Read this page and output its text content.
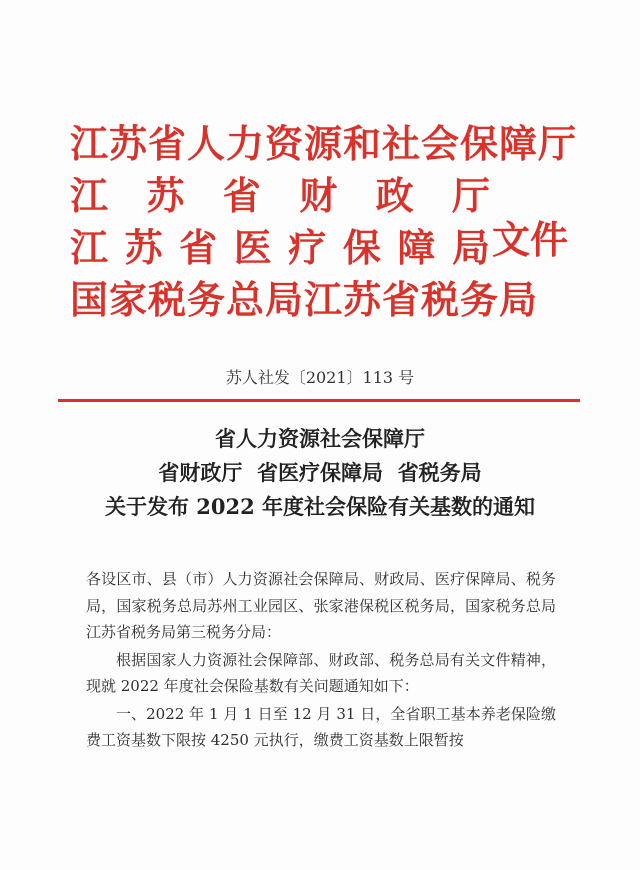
江苏省人力资源和社会保障厅
江苏省财政厅
江苏省医疗保障局
国家税务总局江苏省税务局
文件
苏人社发〔2021〕113 号
省人力资源社会保障厅
省财政厅  省医疗保障局  省税务局
关于发布 2022 年度社会保险有关基数的通知

各设区市、县（市）人力资源社会保障局、财政局、医疗保障局、税务局，国家税务总局苏州工业园区、张家港保税区税务局，国家税务总局江苏省税务局第三税务分局：

根据国家人力资源社会保障部、财政部、税务总局有关文件精神，现就 2022 年度社会保险基数有关问题通知如下：

一、2022 年 1 月 1 日至 12 月 31 日，全省职工基本养老保险缴费工资基数下限按 4250 元执行，缴费工资基数上限暂按
